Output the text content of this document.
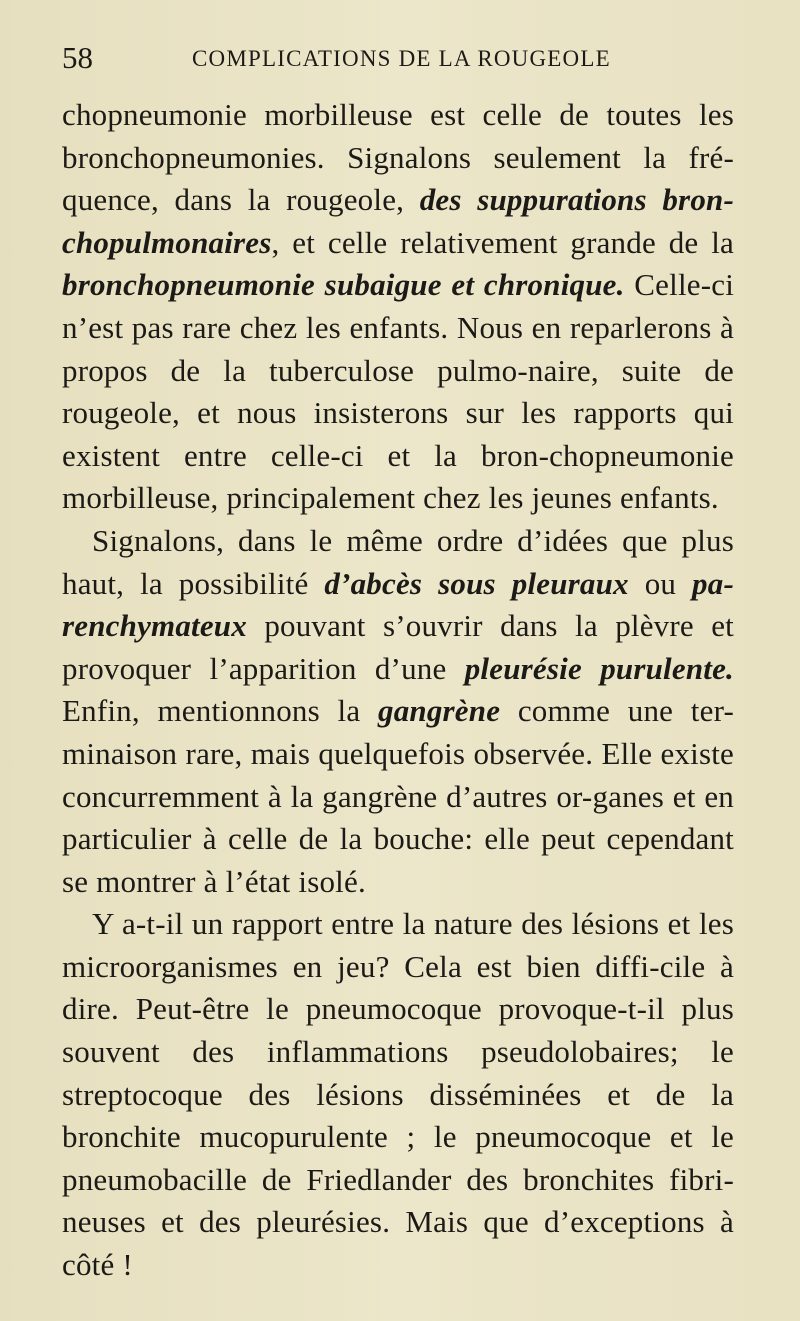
58	COMPLICATIONS DE LA ROUGEOLE

chopneumonie morbilleuse est celle de toutes les bronchopneumonies. Signalons seulement la fré-quence, dans la rougeole, des suppurations bron-chopulmonaires, et celle relativement grande de la bronchopneumonie subaigue et chronique. Celle-ci n’est pas rare chez les enfants. Nous en reparlerons à propos de la tuberculose pulmo-naire, suite de rougeole, et nous insisterons sur les rapports qui existent entre celle-ci et la bron-chopneumonie morbilleuse, principalement chez les jeunes enfants.

Signalons, dans le même ordre d’idées que plus haut, la possibilité d’abcès sous pleuraux ou pa-renchymateux pouvant s’ouvrir dans la plèvre et provoquer l’apparition d’une pleurésie purulente. Enfin, mentionnons la gangrène comme une ter-minaison rare, mais quelquefois observée. Elle existe concurremment à la gangrène d’autres or-ganes et en particulier à celle de la bouche: elle peut cependant se montrer à l’état isolé.

Y a-t-il un rapport entre la nature des lésions et les microorganismes en jeu? Cela est bien diffi-cile à dire. Peut-être le pneumocoque provoque-t-il plus souvent des inflammations pseudolobaires; le streptocoque des lésions disséminées et de la bronchite mucopurulente ; le pneumocoque et le pneumobacille de Friedlander des bronchites fibri-neuses et des pleurésies. Mais que d’exceptions à côté !
